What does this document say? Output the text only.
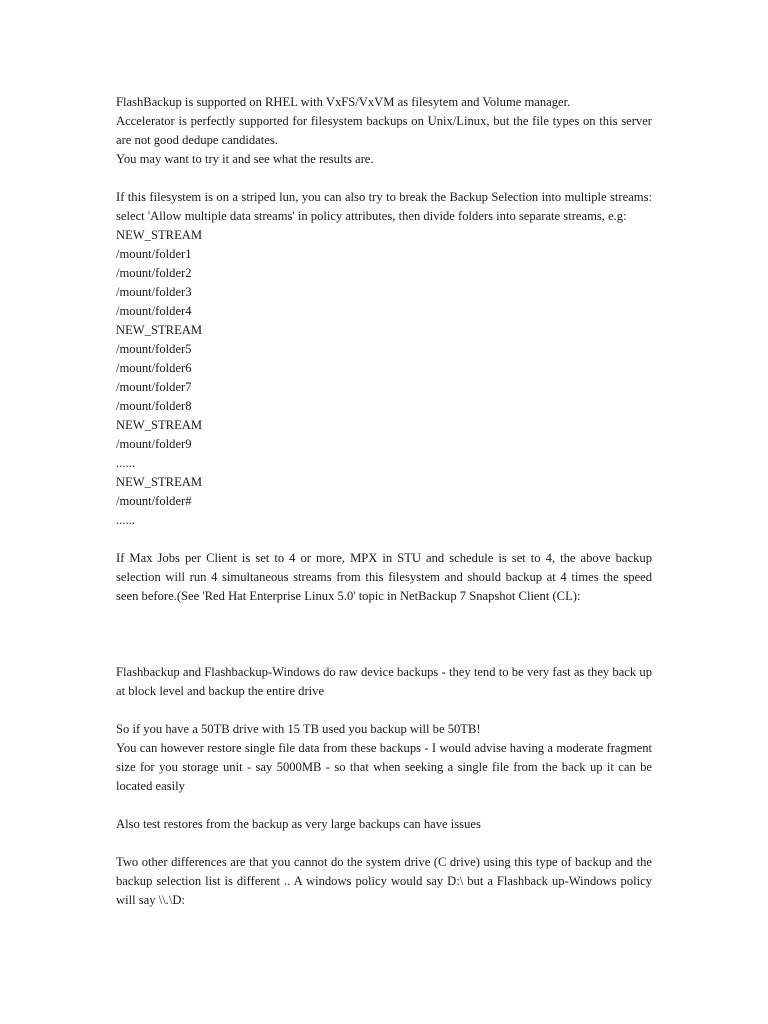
FlashBackup is supported on RHEL with VxFS/VxVM as filesytem and Volume manager.

Accelerator is perfectly supported for filesystem backups on Unix/Linux, but the file types on this server are not good dedupe candidates.

You may want to try it and see what the results are.

If this filesystem is on a striped lun, you can also try to break the Backup Selection into multiple streams: select 'Allow multiple data streams' in policy attributes, then divide folders into separate streams, e.g:

NEW_STREAM
/mount/folder1
/mount/folder2
/mount/folder3
/mount/folder4
NEW_STREAM
/mount/folder5
/mount/folder6
/mount/folder7
/mount/folder8
NEW_STREAM
/mount/folder9
......
NEW_STREAM
/mount/folder#
......

If Max Jobs per Client is set to 4 or more, MPX in STU and schedule is set to 4, the above backup selection will run 4 simultaneous streams from this filesystem and should backup at 4 times the speed seen before.(See 'Red Hat Enterprise Linux 5.0' topic in NetBackup 7 Snapshot Client (CL):

Flashbackup and Flashbackup-Windows do raw device backups - they tend to be very fast as they back up at block level and backup the entire drive

So if you have a 50TB drive with 15 TB used you backup will be 50TB!

You can however restore single file data from these backups - I would advise having a moderate fragment size for you storage unit - say 5000MB - so that when seeking a single file from the back up it can be located easily

Also test restores from the backup as very large backups can have issues

Two other differences are that you cannot do the system drive (C drive) using this type of backup and the backup selection list is different .. A windows policy would say D:\ but a Flashback up-Windows policy will say \\.\D:
